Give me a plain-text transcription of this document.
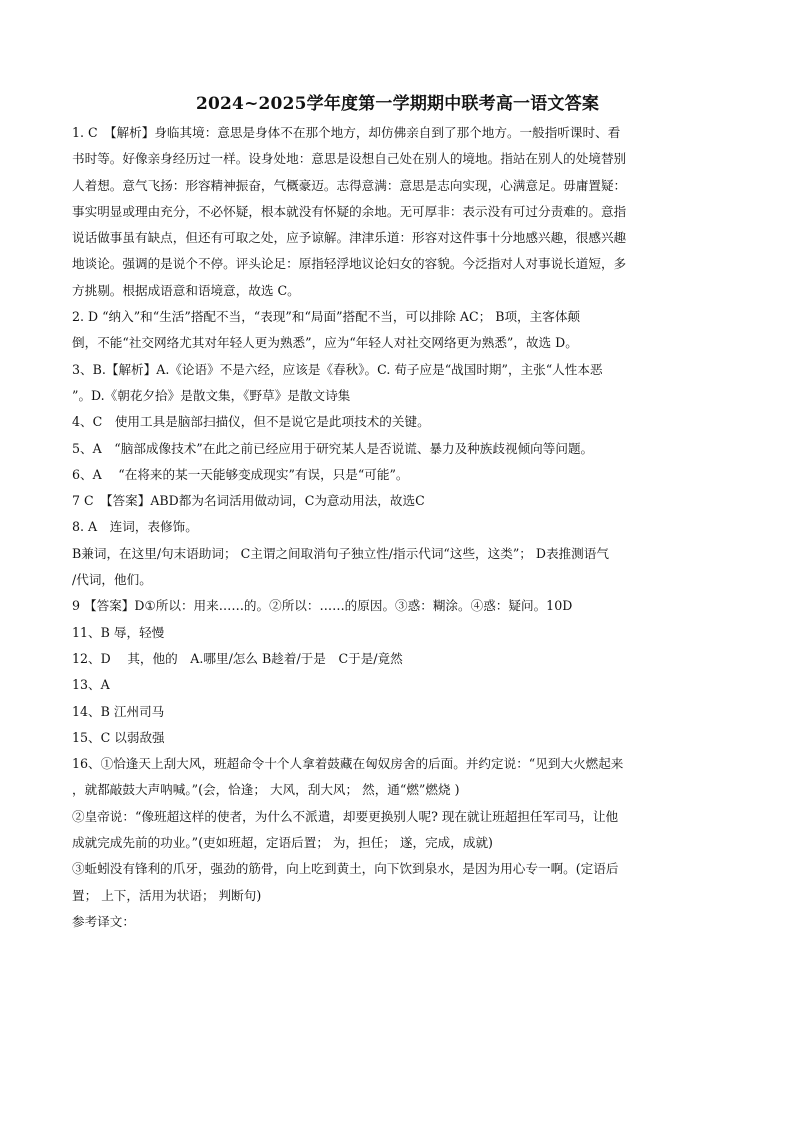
2024~2025学年度第一学期期中联考高一语文答案
1. C　【解析】身临其境：意思是身体不在那个地方，却仿佛亲自到了那个地方。一般指听课时、看
书时等。好像亲身经历过一样。设身处地：意思是设想自己处在别人的境地。指站在别人的处境替别
人着想。意气飞扬：形容精神振奋，气概豪迈。志得意满：意思是志向实现，心满意足。毋庸置疑：
事实明显或理由充分，不必怀疑，根本就没有怀疑的余地。无可厚非：表示没有可过分责难的。意指
说话做事虽有缺点，但还有可取之处，应予谅解。津津乐道：形容对这件事十分地感兴趣，很感兴趣
地谈论。强调的是说个不停。评头论足：原指轻浮地议论妇女的容貌。今泛指对人对事说长道短，多
方挑剔。根据成语意和语境意，故选 C。
2. D “纳入”和“生活”搭配不当，“表现”和“局面”搭配不当，可以排除 AC； B项，主客体颠
倒，不能“社交网络尤其对年轻人更为熟悉”，应为“年轻人对社交网络更为熟悉”，故选 D。
3、B.【解析】A.《论语》不是六经，应该是《春秋》。C. 荀子应是“战国时期”，主张“人性本恶
”。D.《朝花夕拾》是散文集，《野草》是散文诗集
4、C　使用工具是脑部扫描仪，但不是说它是此项技术的关键。
5、A　“脑部成像技术”在此之前已经应用于研究某人是否说谎、暴力及种族歧视倾向等问题。
6、A　 “在将来的某一天能够变成现实”有误，只是“可能”。
7 C　【答案】ABD都为名词活用做动词，C为意动用法，故选C
8. A　连词，表修饰。
B兼词，在这里/句末语助词； C主谓之间取消句子独立性/指示代词“这些，这类”； D表推测语气
/代词，他们。
9 【答案】D①所以：用来……的。②所以：……的原因。③惑：糊涂。④惑：疑问。10D
11、B 辱，轻慢
12、D　 其，他的　A.哪里/怎么 B趁着/于是　C于是/竟然
13、A
14、B 江州司马
15、C 以弱敌强
16、①恰逢天上刮大风，班超命令十个人拿着鼓藏在匈奴房舍的后面。并约定说：“见到大火燃起来
，就都敲鼓大声呐喊。”(会，恰逢； 大风，刮大风； 然，通“燃”燃烧 )
②皇帝说：“像班超这样的使者，为什么不派遣，却要更换别人呢? 现在就让班超担任军司马，让他
成就完成先前的功业。”(吏如班超，定语后置； 为，担任； 遂，完成，成就)
③蚯蚓没有锋利的爪牙，强劲的筋骨，向上吃到黄土，向下饮到泉水，是因为用心专一啊。(定语后
置； 上下，活用为状语； 判断句)
参考译文：
